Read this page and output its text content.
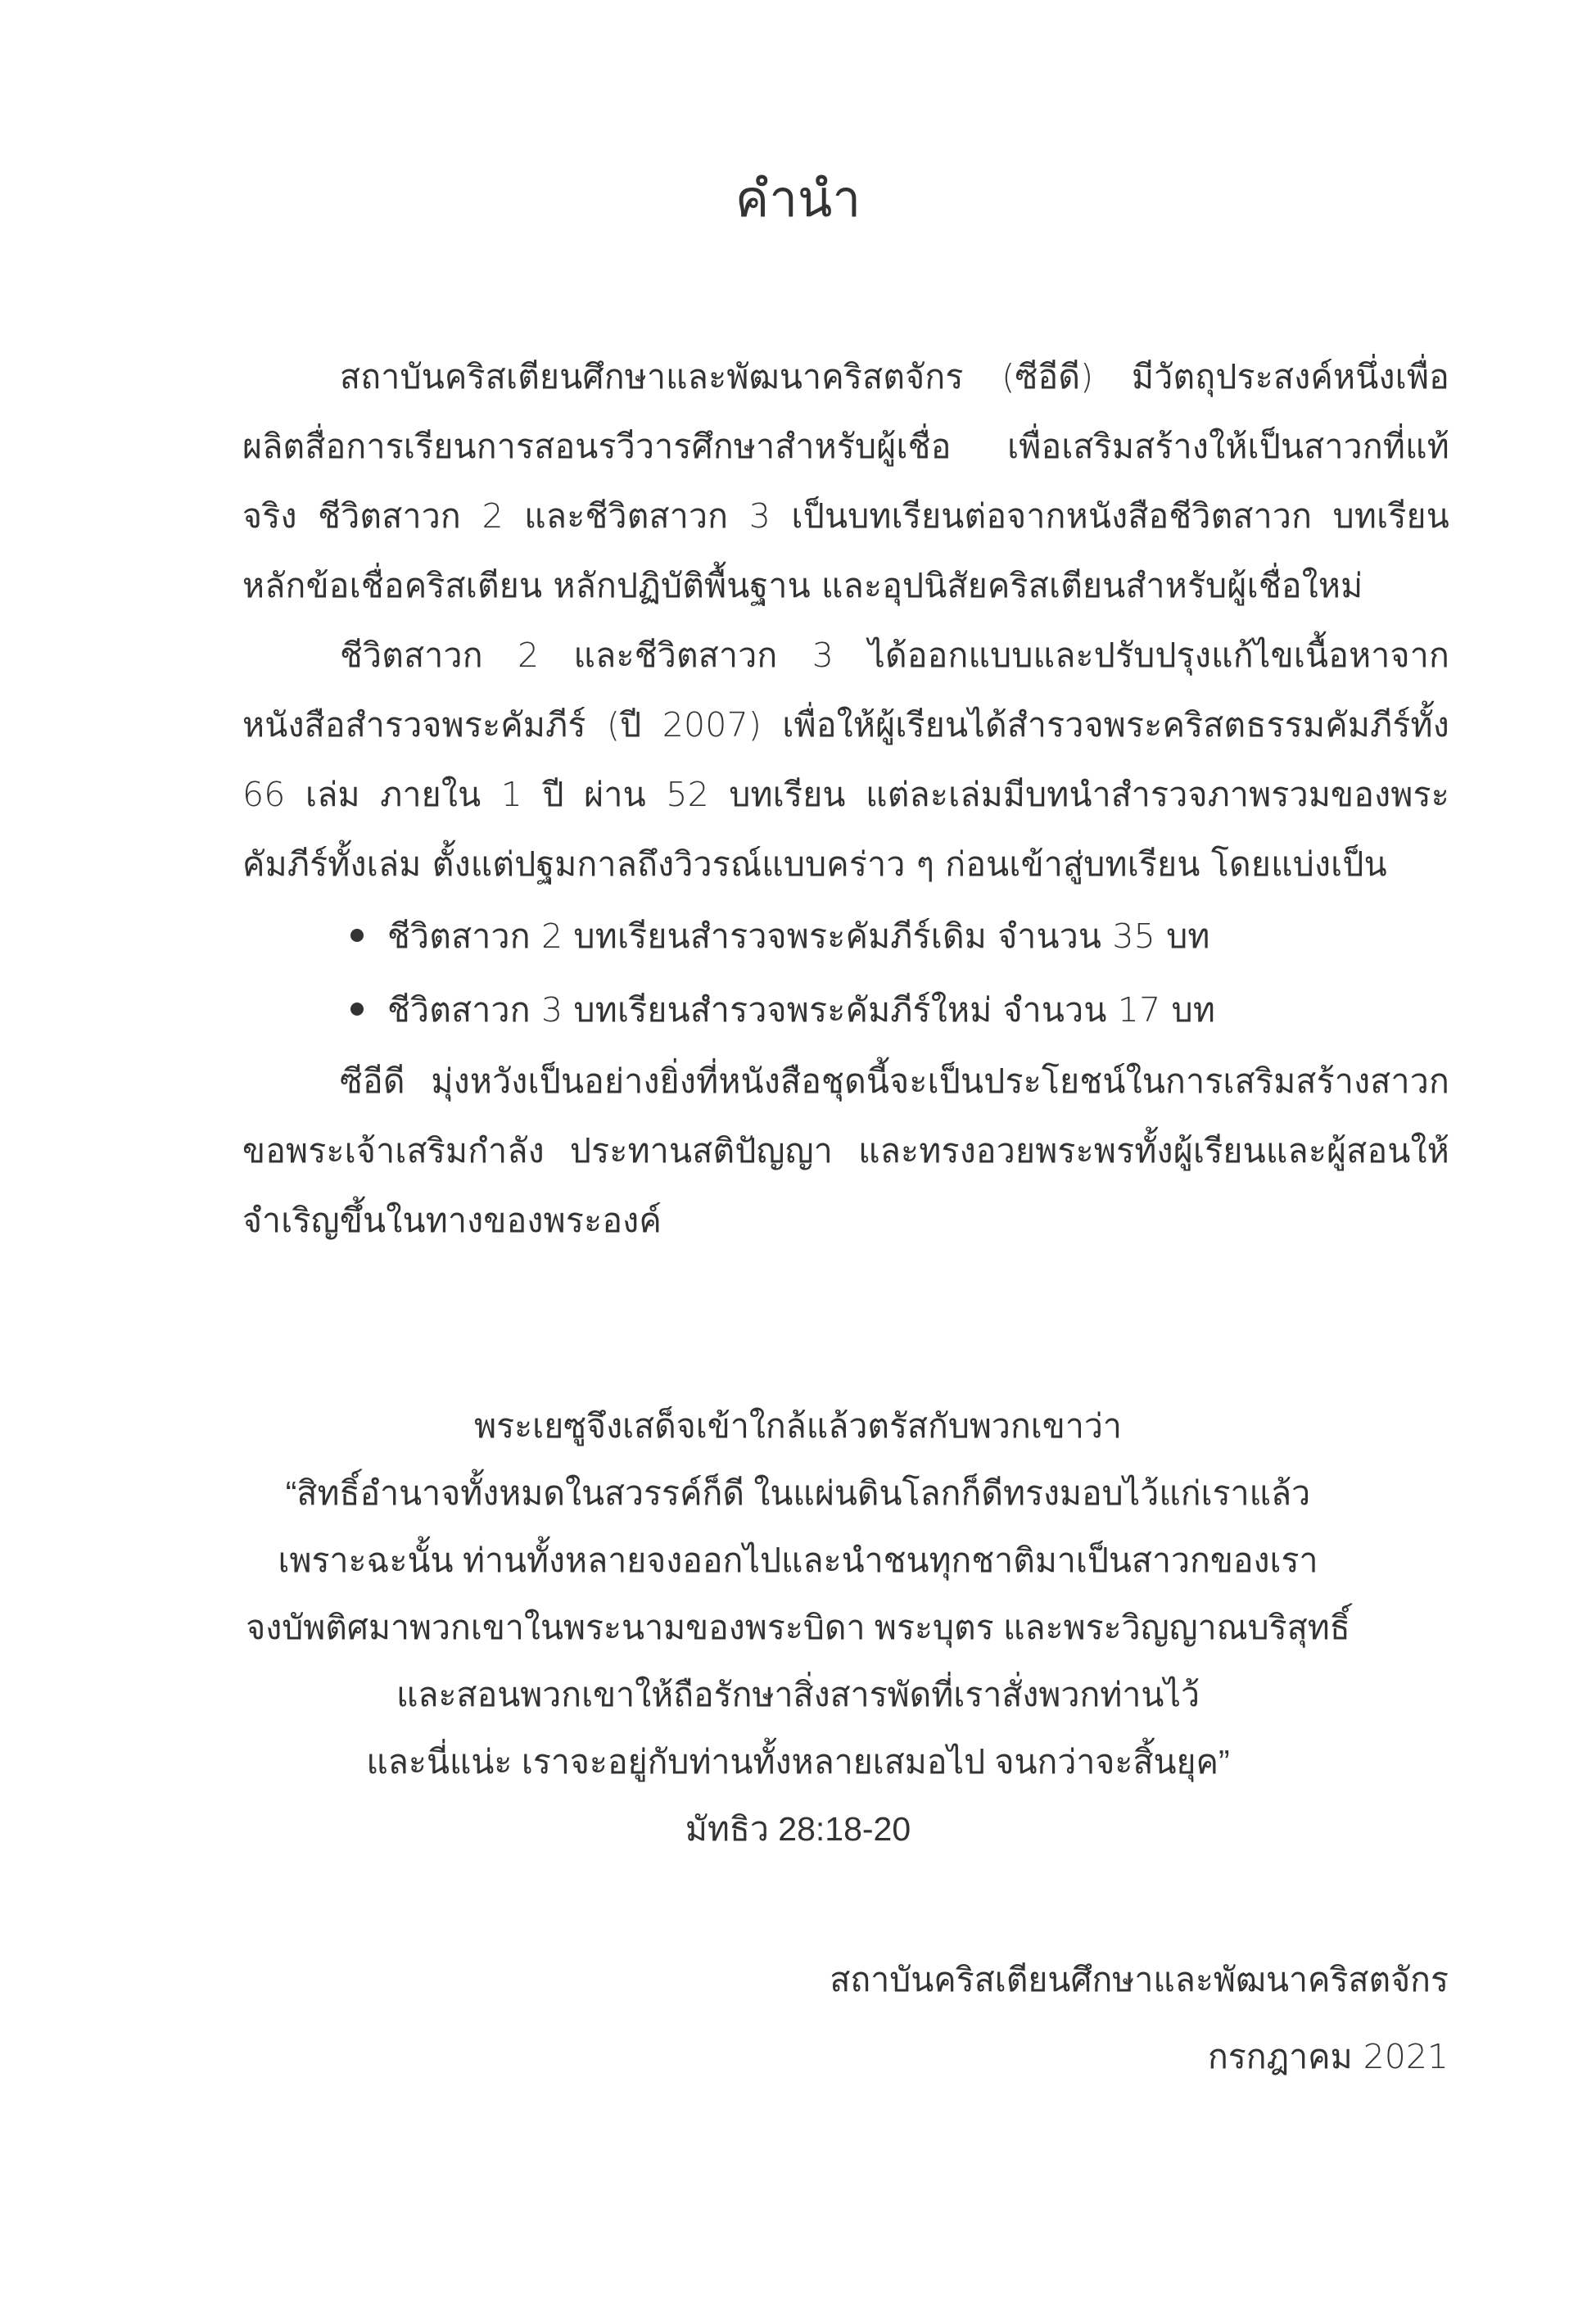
คำนำ

สถาบันคริสเตียนศึกษาและพัฒนาคริสตจักร (ซีอีดี) มีวัตถุประสงค์หนึ่งเพื่อผลิตสื่อการเรียนการสอนรวีวารศึกษาสำหรับผู้เชื่อ เพื่อเสริมสร้างให้เป็นสาวกที่แท้จริง ชีวิตสาวก 2 และชีวิตสาวก 3 เป็นบทเรียนต่อจากหนังสือชีวิตสาวก บทเรียนหลักข้อเชื่อคริสเตียน หลักปฏิบัติพื้นฐาน และอุปนิสัยคริสเตียนสำหรับผู้เชื่อใหม่

ชีวิตสาวก 2 และชีวิตสาวก 3 ได้ออกแบบและปรับปรุงแก้ไขเนื้อหาจากหนังสือสำรวจพระคัมภีร์ (ปี 2007) เพื่อให้ผู้เรียนได้สำรวจพระคริสตธรรมคัมภีร์ทั้ง 66 เล่ม ภายใน 1 ปี ผ่าน 52 บทเรียน แต่ละเล่มมีบทนำสำรวจภาพรวมของพระคัมภีร์ทั้งเล่ม ตั้งแต่ปฐมกาลถึงวิวรณ์แบบคร่าว ๆ ก่อนเข้าสู่บทเรียน โดยแบ่งเป็น

ชีวิตสาวก 2 บทเรียนสำรวจพระคัมภีร์เดิม จำนวน 35 บท
ชีวิตสาวก 3 บทเรียนสำรวจพระคัมภีร์ใหม่ จำนวน 17 บท

ซีอีดี มุ่งหวังเป็นอย่างยิ่งที่หนังสือชุดนี้จะเป็นประโยชน์ในการเสริมสร้างสาวกขอพระเจ้าเสริมกำลัง ประทานสติปัญญา และทรงอวยพระพรทั้งผู้เรียนและผู้สอนให้จำเริญขึ้นในทางของพระองค์

พระเยซูจึงเสด็จเข้าใกล้แล้วตรัสกับพวกเขาว่า

“สิทธิ์อำนาจทั้งหมดในสวรรค์ก็ดี ในแผ่นดินโลกก็ดีทรงมอบไว้แก่เราแล้ว

เพราะฉะนั้น ท่านทั้งหลายจงออกไปและนำชนทุกชาติมาเป็นสาวกของเรา

จงบัพติศมาพวกเขาในพระนามของพระบิดา พระบุตร และพระวิญญาณบริสุทธิ์

และสอนพวกเขาให้ถือรักษาสิ่งสารพัดที่เราสั่งพวกท่านไว้

และนี่แน่ะ เราจะอยู่กับท่านทั้งหลายเสมอไป จนกว่าจะสิ้นยุค”

มัทธิว 28:18-20

สถาบันคริสเตียนศึกษาและพัฒนาคริสตจักร

กรกฎาคม 2021
